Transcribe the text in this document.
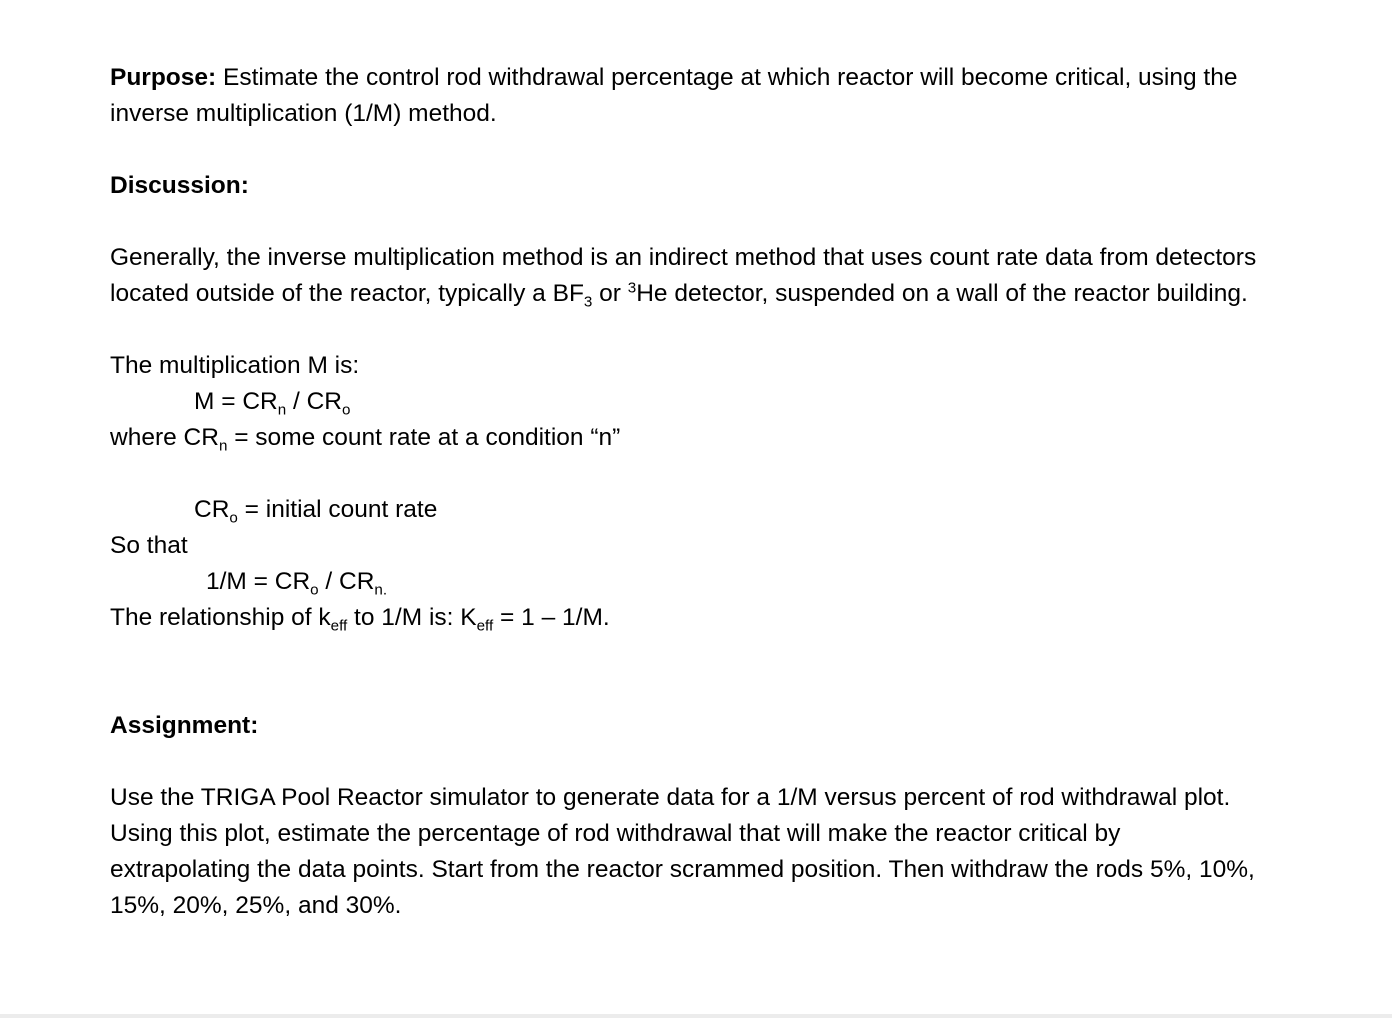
Purpose: Estimate the control rod withdrawal percentage at which reactor will become critical, using the
inverse multiplication (1/M) method.
Discussion:
Generally, the inverse multiplication method is an indirect method that uses count rate data from detectors
located outside of the reactor, typically a $BF_3$ or $^3$He detector, suspended on a wall of the reactor building.
The multiplication M is:
$M = CR_n / CR_o$
where $CR_n$ = some count rate at a condition “n”
$CR_o$ = initial count rate
So that
$1/M = CR_o / CR_{n.}$
The relationship of $k_{eff}$ to 1/M is: $K_{eff} = 1 - 1/M$.
Assignment:
Use the TRIGA Pool Reactor simulator to generate data for a 1/M versus percent of rod withdrawal plot.
Using this plot, estimate the percentage of rod withdrawal that will make the reactor critical by
extrapolating the data points. Start from the reactor scrammed position. Then withdraw the rods 5%, 10%,
15%, 20%, 25%, and 30%.
